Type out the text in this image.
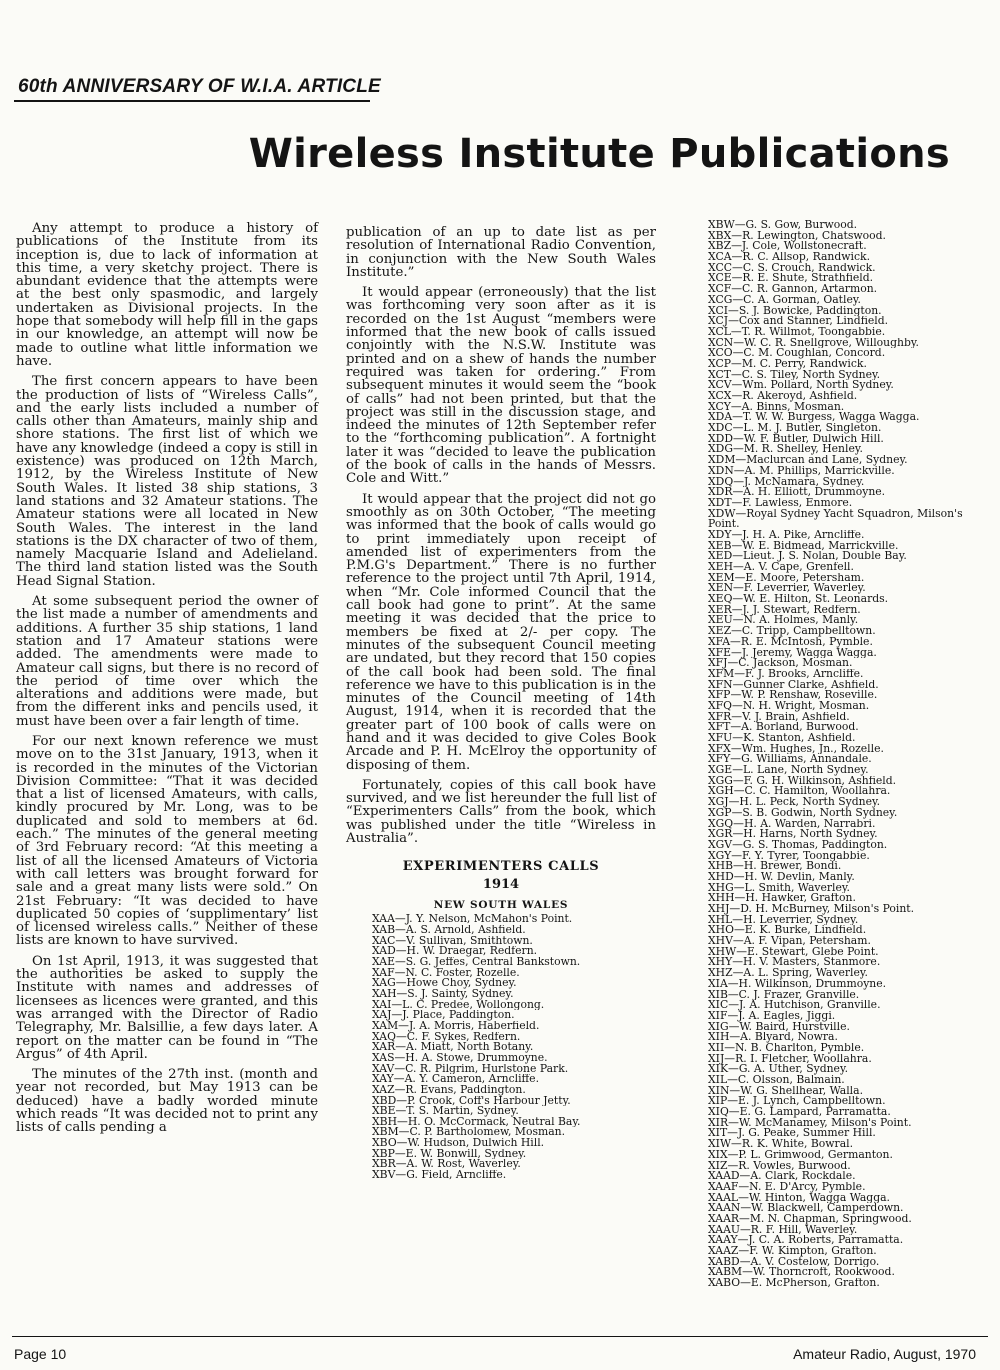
60th ANNIVERSARY OF W.I.A. ARTICLE
Wireless Institute Publications

Any attempt to produce a history of publications of the Institute from its inception is, due to lack of information at this time, a very sketchy project. There is abundant evidence that the attempts were at the best only spasmodic, and largely undertaken as Divisional projects. In the hope that somebody will help fill in the gaps in our knowledge, an attempt will now be made to outline what little information we have.

The first concern appears to have been the production of lists of “Wireless Calls”, and the early lists included a number of calls other than Amateurs, mainly ship and shore stations. The first list of which we have any knowledge (indeed a copy is still in existence) was produced on 12th March, 1912, by the Wireless Institute of New South Wales. It listed 38 ship stations, 3 land stations and 32 Amateur stations. The Amateur stations were all located in New South Wales. The interest in the land stations is the DX character of two of them, namely Macquarie Island and Adelieland. The third land station listed was the South Head Signal Station.

At some subsequent period the owner of the list made a number of amendments and additions. A further 35 ship stations, 1 land station and 17 Amateur stations were added. The amendments were made to Amateur call signs, but there is no record of the period of time over which the alterations and additions were made, but from the different inks and pencils used, it must have been over a fair length of time.

For our next known reference we must move on to the 31st January, 1913, when it is recorded in the minutes of the Victorian Division Committee: “That it was decided that a list of licensed Amateurs, with calls, kindly procured by Mr. Long, was to be duplicated and sold to members at 6d. each.” The minutes of the general meeting of 3rd February record: “At this meeting a list of all the licensed Amateurs of Victoria with call letters was brought forward for sale and a great many lists were sold.” On 21st February: “It was decided to have duplicated 50 copies of ‘supplimentary’ list of licensed wireless calls.” Neither of these lists are known to have survived.

On 1st April, 1913, it was suggested that the authorities be asked to supply the Institute with names and addresses of licensees as licences were granted, and this was arranged with the Director of Radio Telegraphy, Mr. Balsillie, a few days later. A report on the matter can be found in “The Argus” of 4th April.

The minutes of the 27th inst. (month and year not recorded, but May 1913 can be deduced) have a badly worded minute which reads “It was decided not to print any lists of calls pending a

publication of an up to date list as per resolution of International Radio Convention, in conjunction with the New South Wales Institute.”

It would appear (erroneously) that the list was forthcoming very soon after as it is recorded on the 1st August “members were informed that the new book of calls issued conjointly with the N.S.W. Institute was printed and on a shew of hands the number required was taken for ordering.” From subsequent minutes it would seem the “book of calls” had not been printed, but that the project was still in the discussion stage, and indeed the minutes of 12th September refer to the “forthcoming publication”. A fortnight later it was “decided to leave the publication of the book of calls in the hands of Messrs. Cole and Witt.”

It would appear that the project did not go smoothly as on 30th October, “The meeting was informed that the book of calls would go to print immediately upon receipt of amended list of experimenters from the P.M.G's Department.” There is no further reference to the project until 7th April, 1914, when “Mr. Cole informed Council that the call book had gone to print”. At the same meeting it was decided that the price to members be fixed at 2/- per copy. The minutes of the subsequent Council meeting are undated, but they record that 150 copies of the call book had been sold. The final reference we have to this publication is in the minutes of the Council meeting of 14th August, 1914, when it is recorded that the greater part of 100 book of calls were on hand and it was decided to give Coles Book Arcade and P. H. McElroy the opportunity of disposing of them.

Fortunately, copies of this call book have survived, and we list hereunder the full list of “Experimenters Calls” from the book, which was published under the title “Wireless in Australia”.

EXPERIMENTERS CALLS
1914
NEW SOUTH WALES
XAA—J. Y. Nelson, McMahon's Point.
XAB—A. S. Arnold, Ashfield.
XAC—V. Sullivan, Smithtown.
XAD—H. W. Draegar, Redfern.
XAE—S. G. Jeffes, Central Bankstown.
XAF—N. C. Foster, Rozelle.
XAG—Howe Choy, Sydney.
XAH—S. J. Sainty, Sydney.
XAI—L. C. Predee, Wollongong.
XAJ—J. Place, Paddington.
XAM—J. A. Morris, Haberfield.
XAQ—C. F. Sykes, Redfern.
XAR—A. Miatt, North Botany.
XAS—H. A. Stowe, Drummoyne.
XAV—C. R. Pilgrim, Hurlstone Park.
XAY—A. Y. Cameron, Arncliffe.
XAZ—R. Evans, Paddington.
XBD—P. Crook, Coff's Harbour Jetty.
XBE—T. S. Martin, Sydney.
XBH—H. O. McCormack, Neutral Bay.
XBM—C. P. Bartholomew, Mosman.
XBO—W. Hudson, Dulwich Hill.
XBP—E. W. Bonwill, Sydney.
XBR—A. W. Rost, Waverley.
XBV—G. Field, Arncliffe.
XBW—G. S. Gow, Burwood.
XBX—R. Lewington, Chatswood.
XBZ—J. Cole, Wollstonecraft.
XCA—R. C. Allsop, Randwick.
XCC—C. S. Crouch, Randwick.
XCE—R. E. Shute, Strathfield.
XCF—C. R. Gannon, Artarmon.
XCG—C. A. Gorman, Oatley.
XCI—S. J. Bowicke, Paddington.
XCJ—Cox and Stanner, Lindfield.
XCL—T. R. Willmot, Toongabbie.
XCN—W. C. R. Snellgrove, Willoughby.
XCO—C. M. Coughlan, Concord.
XCP—M. C. Perry, Randwick.
XCT—C. S. Tiley, North Sydney.
XCV—Wm. Pollard, North Sydney.
XCX—R. Akeroyd, Ashfield.
XCY—A. Binns, Mosman.
XDA—T. W. W. Burgess, Wagga Wagga.
XDC—L. M. J. Butler, Singleton.
XDD—W. F. Butler, Dulwich Hill.
XDG—M. R. Shelley, Henley.
XDM—Maclurcan and Lane, Sydney.
XDN—A. M. Phillips, Marrickville.
XDQ—J. McNamara, Sydney.
XDR—A. H. Elliott, Drummoyne.
XDT—F. Lawless, Enmore.
XDW—Royal Sydney Yacht Squadron, Milson's Point.
XDY—J. H. A. Pike, Arncliffe.
XEB—W. E. Bidmead, Marrickville.
XED—Lieut. J. S. Nolan, Double Bay.
XEH—A. V. Cape, Grenfell.
XEM—E. Moore, Petersham.
XEN—F. Leverrier, Waverley.
XEQ—W. E. Hilton, St. Leonards.
XER—J. J. Stewart, Redfern.
XEU—N. A. Holmes, Manly.
XEZ—C. Tripp, Campbelltown.
XFA—R. E. McIntosh, Pymble.
XFE—J. Jeremy, Wagga Wagga.
XFJ—C. Jackson, Mosman.
XFM—F. J. Brooks, Arncliffe.
XFN—Gunner Clarke, Ashfield.
XFP—W. P. Renshaw, Roseville.
XFQ—N. H. Wright, Mosman.
XFR—V. J. Brain, Ashfield.
XFT—A. Borland, Burwood.
XFU—K. Stanton, Ashfield.
XFX—Wm. Hughes, Jn., Rozelle.
XFY—G. Williams, Annandale.
XGE—L. Lane, North Sydney.
XGG—F. G. H. Wilkinson, Ashfield.
XGH—C. C. Hamilton, Woollahra.
XGJ—H. L. Peck, North Sydney.
XGP—S. B. Godwin, North Sydney.
XGQ—H. A. Warden, Narrabri.
XGR—H. Harns, North Sydney.
XGV—G. S. Thomas, Paddington.
XGY—F. Y. Tyrer, Toongabbie.
XHB—H. Brewer, Bondi.
XHD—H. W. Devlin, Manly.
XHG—L. Smith, Waverley.
XHH—H. Hawker, Grafton.
XHJ—D. H. McBurney, Milson's Point.
XHL—H. Leverrier, Sydney.
XHO—E. K. Burke, Lindfield.
XHV—A. F. Vipan, Petersham.
XHW—E. Stewart, Glebe Point.
XHY—H. V. Masters, Stanmore.
XHZ—A. L. Spring, Waverley.
XIA—H. Wilkinson, Drummoyne.
XIB—C. J. Frazer, Granville.
XIC—J. A. Hutchison, Granville.
XIF—J. A. Eagles, Jiggi.
XIG—W. Baird, Hurstville.
XIH—A. Blyard, Nowra.
XII—N. B. Charlton, Pymble.
XIJ—R. I. Fletcher, Woollahra.
XIK—G. A. Uther, Sydney.
XIL—C. Olsson, Balmain.
XIN—W. G. Shellhear, Walla.
XIP—E. J. Lynch, Campbelltown.
XIQ—E. G. Lampard, Parramatta.
XIR—W. McManamey, Milson's Point.
XIT—J. G. Peake, Summer Hill.
XIW—R. K. White, Bowral.
XIX—P. L. Grimwood, Germanton.
XIZ—R. Vowles, Burwood.
XAAD—A. Clark, Rockdale.
XAAF—N. E. D'Arcy, Pymble.
XAAL—W. Hinton, Wagga Wagga.
XAAN—W. Blackwell, Camperdown.
XAAR—M. N. Chapman, Springwood.
XAAU—R. F. Hill, Waverley.
XAAY—J. C. A. Roberts, Parramatta.
XAAZ—F. W. Kimpton, Grafton.
XABD—A. V. Costelow, Dorrigo.
XABM—W. Thorncroft, Rookwood.
XABO—E. McPherson, Grafton.
Page 10	Amateur Radio, August, 1970
